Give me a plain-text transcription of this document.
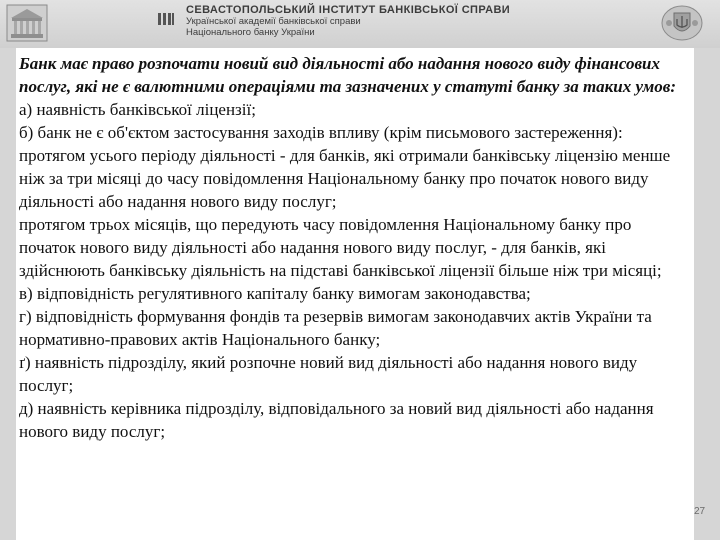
СЕВАСТОПОЛЬСЬКИЙ ІНСТИТУТ БАНКІВСЬКОЇ СПРАВИ
Української академії банківської справи
Національного банку України

Банк має право розпочати новий вид діяльності або надання нового виду фінансових послуг, які не є валютними операціями та зазначених у статуті банку за таких умов:

а) наявність банківської ліцензії;

б) банк не є об'єктом застосування заходів впливу (крім письмового застереження):

протягом усього періоду діяльності - для банків, які отримали банківську ліцензію менше ніж за три місяці до часу повідомлення Національному банку про початок нового виду діяльності або надання нового виду послуг;

протягом трьох місяців, що передують часу повідомлення Національному банку про початок нового виду діяльності або надання нового виду послуг, - для банків, які здійснюють банківську діяльність на підставі банківської ліцензії більше ніж три місяці;

в) відповідність регулятивного капіталу банку вимогам законодавства;

г) відповідність формування фондів та резервів вимогам законодавчих актів України та нормативно-правових актів Національного банку;

ґ) наявність підрозділу, який розпочне новий вид діяльності або надання нового виду послуг;

д) наявність керівника підрозділу, відповідального за новий вид діяльності або надання нового виду послуг;

27
